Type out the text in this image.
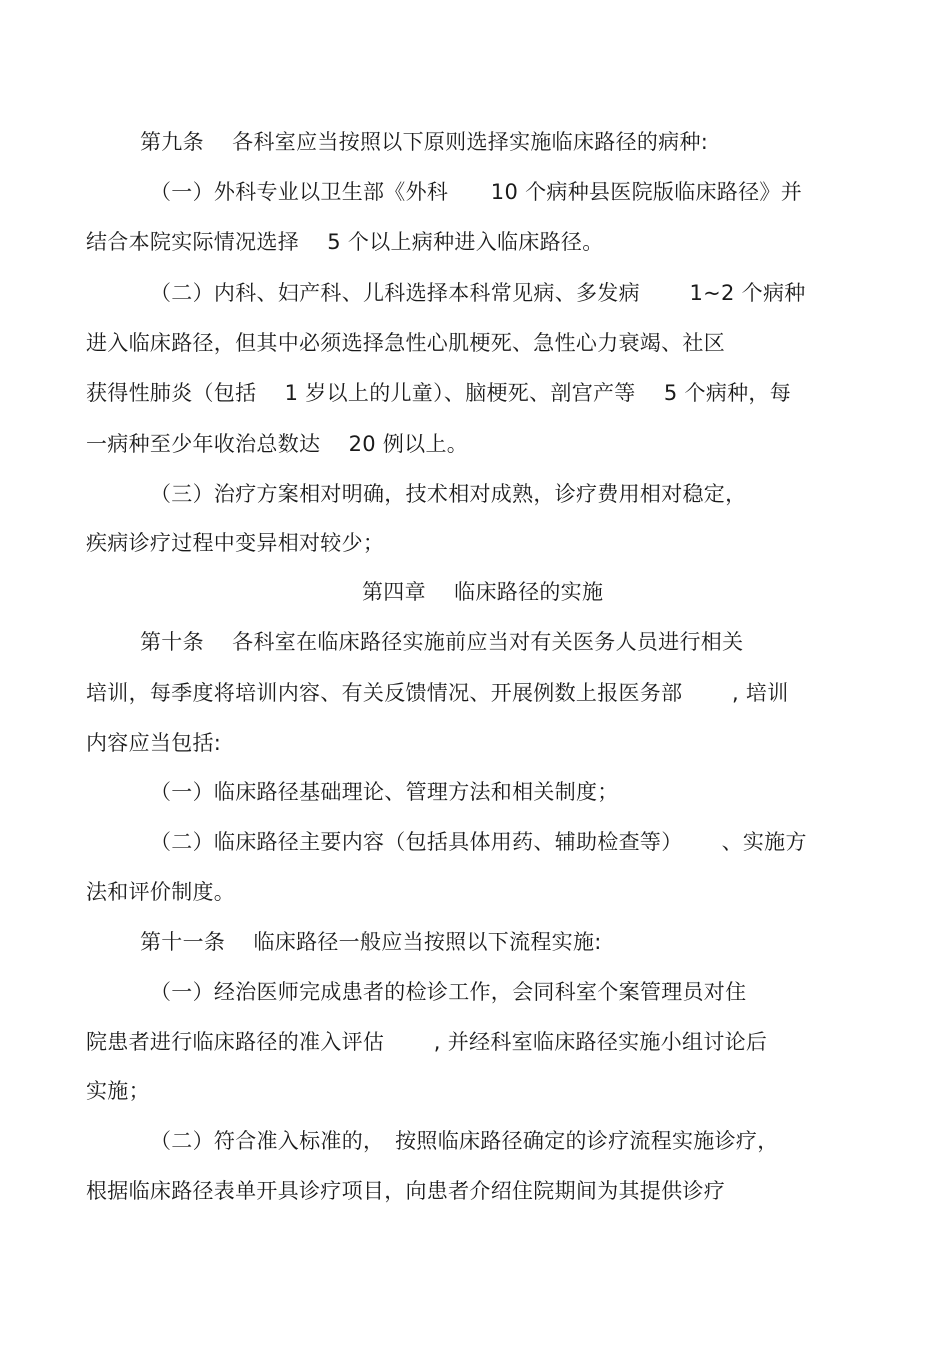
第九条　 各科室应当按照以下原则选择实施临床路径的病种:
（一）外科专业以卫生部《外科　　10 个病种县医院版临床路径》并
结合本院实际情况选择　 5 个以上病种进入临床路径。
（二）内科、妇产科、儿科选择本科常见病、多发病　　 1~2 个病种
进入临床路径，但其中必须选择急性心肌梗死、急性心力衰竭、社区
获得性肺炎（包括　 1 岁以上的儿童）、脑梗死、剖宫产等　 5 个病种，每
一病种至少年收治总数达　 20 例以上。
（三）治疗方案相对明确，技术相对成熟，诊疗费用相对稳定，
疾病诊疗过程中变异相对较少；
第四章　 临床路径的实施
第十条　 各科室在临床路径实施前应当对有关医务人员进行相关
培训，每季度将培训内容、有关反馈情况、开展例数上报医务部　　 , 培训
内容应当包括:
（一）临床路径基础理论、管理方法和相关制度；
（二）临床路径主要内容（包括具体用药、辅助检查等）　　 、实施方
法和评价制度。
第十一条　 临床路径一般应当按照以下流程实施:
（一）经治医师完成患者的检诊工作，会同科室个案管理员对住
院患者进行临床路径的准入评估　　 , 并经科室临床路径实施小组讨论后
实施；
（二）符合准入标准的，　按照临床路径确定的诊疗流程实施诊疗，
根据临床路径表单开具诊疗项目，向患者介绍住院期间为其提供诊疗
